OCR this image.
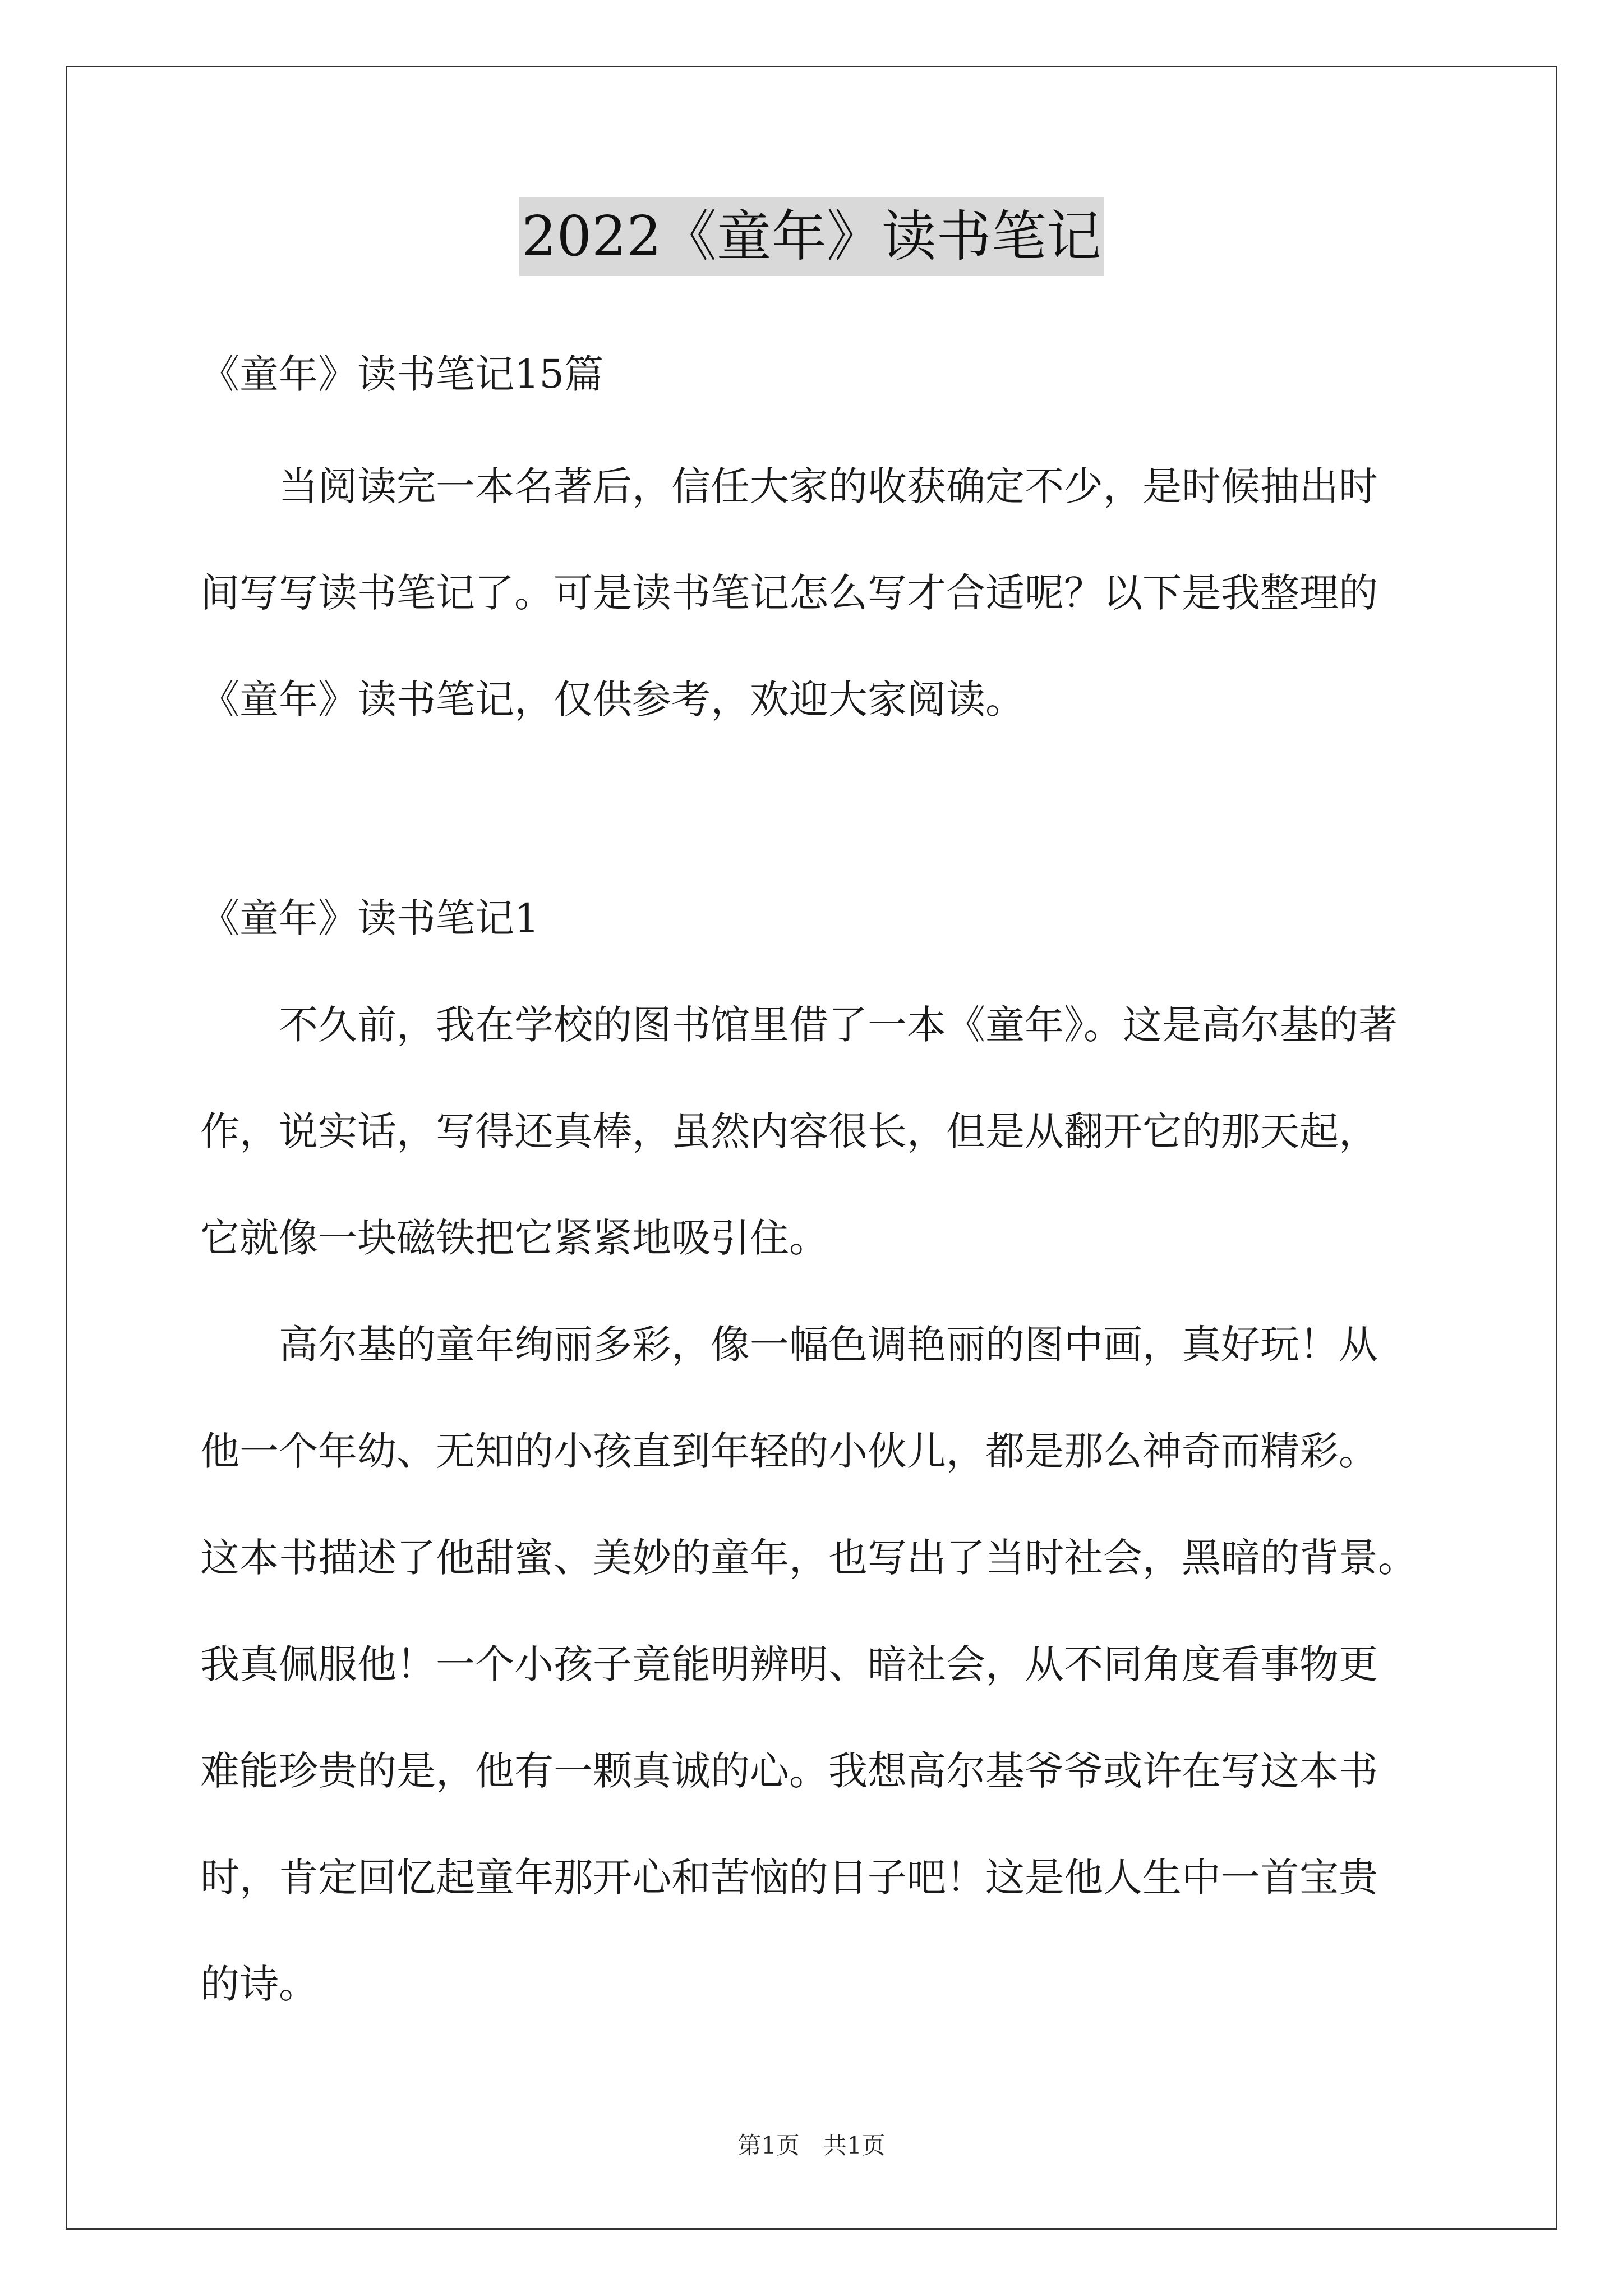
2022《童年》读书笔记
《童年》读书笔记15篇
当阅读完一本名著后，信任大家的收获确定不少，是时候抽出时
间写写读书笔记了。可是读书笔记怎么写才合适呢？以下是我整理的
《童年》读书笔记，仅供参考，欢迎大家阅读。
《童年》读书笔记1
不久前，我在学校的图书馆里借了一本《童年》。这是高尔基的著
作，说实话，写得还真棒，虽然内容很长，但是从翻开它的那天起，
它就像一块磁铁把它紧紧地吸引住。
高尔基的童年绚丽多彩，像一幅色调艳丽的图中画，真好玩！从
他一个年幼、无知的小孩直到年轻的小伙儿，都是那么神奇而精彩。
这本书描述了他甜蜜、美妙的童年，也写出了当时社会，黑暗的背景。
我真佩服他！一个小孩子竟能明辨明、暗社会，从不同角度看事物更
难能珍贵的是，他有一颗真诚的心。我想高尔基爷爷或许在写这本书
时，肯定回忆起童年那开心和苦恼的日子吧！这是他人生中一首宝贵
的诗。
第1页　共1页
